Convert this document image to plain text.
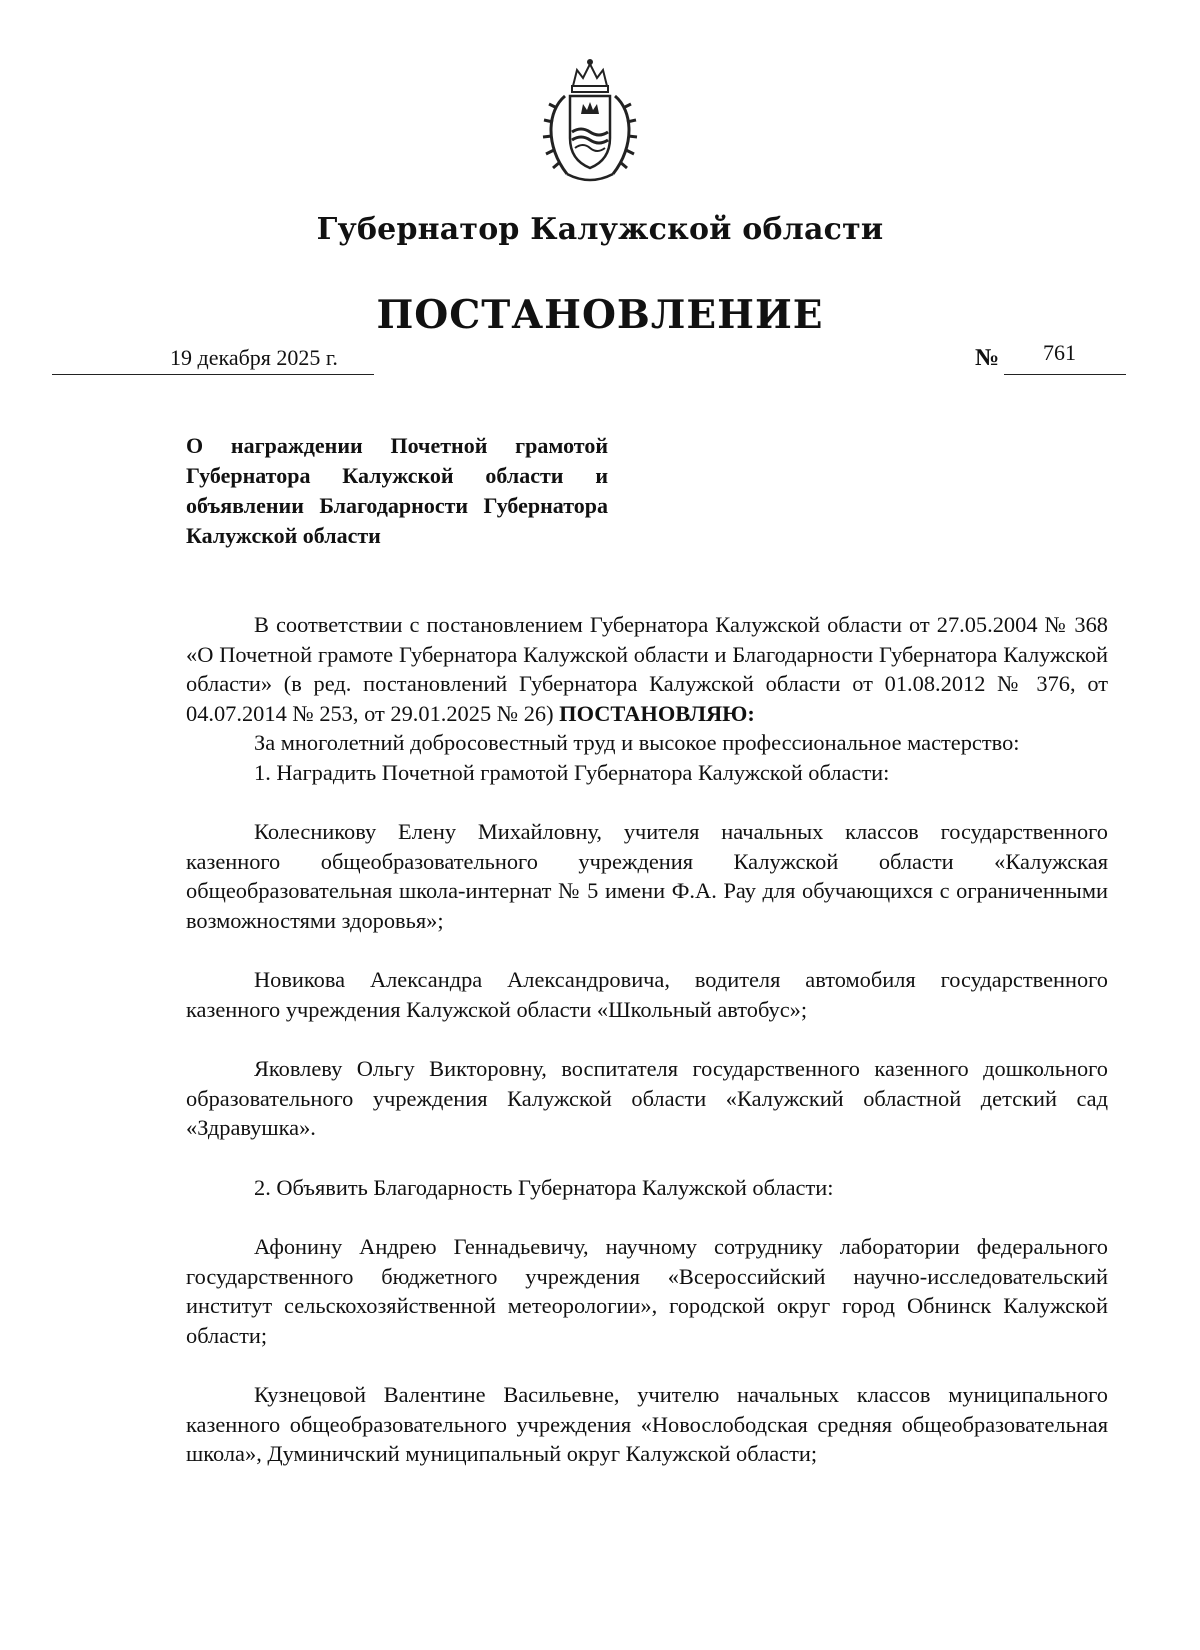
Губернатор Калужской области
ПОСТАНОВЛЕНИЕ
19 декабря 2025 г.	№ 761
О награждении Почетной грамотой Губернатора Калужской области и объявлении Благодарности Губернатора Калужской области

В соответствии с постановлением Губернатора Калужской области от 27.05.2004 № 368 «О Почетной грамоте Губернатора Калужской области и Благодарности Губернатора Калужской области» (в ред. постановлений Губернатора Калужской области от 01.08.2012 № 376, от 04.07.2014 № 253, от 29.01.2025 № 26) ПОСТАНОВЛЯЮ:

За многолетний добросовестный труд и высокое профессиональное мастерство:

1. Наградить Почетной грамотой Губернатора Калужской области:

Колесникову Елену Михайловну, учителя начальных классов государственного казенного общеобразовательного учреждения Калужской области «Калужская общеобразовательная школа-интернат № 5 имени Ф.А. Рау для обучающихся с ограниченными возможностями здоровья»;

Новикова Александра Александровича, водителя автомобиля государственного казенного учреждения Калужской области «Школьный автобус»;

Яковлеву Ольгу Викторовну, воспитателя государственного казенного дошкольного образовательного учреждения Калужской области «Калужский областной детский сад «Здравушка».

2. Объявить Благодарность Губернатора Калужской области:

Афонину Андрею Геннадьевичу, научному сотруднику лаборатории федерального государственного бюджетного учреждения «Всероссийский научно-исследовательский институт сельскохозяйственной метеорологии», городской округ город Обнинск Калужской области;

Кузнецовой Валентине Васильевне, учителю начальных классов муниципального казенного общеобразовательного учреждения «Новослободская средняя общеобразовательная школа», Думиничский муниципальный округ Калужской области;
